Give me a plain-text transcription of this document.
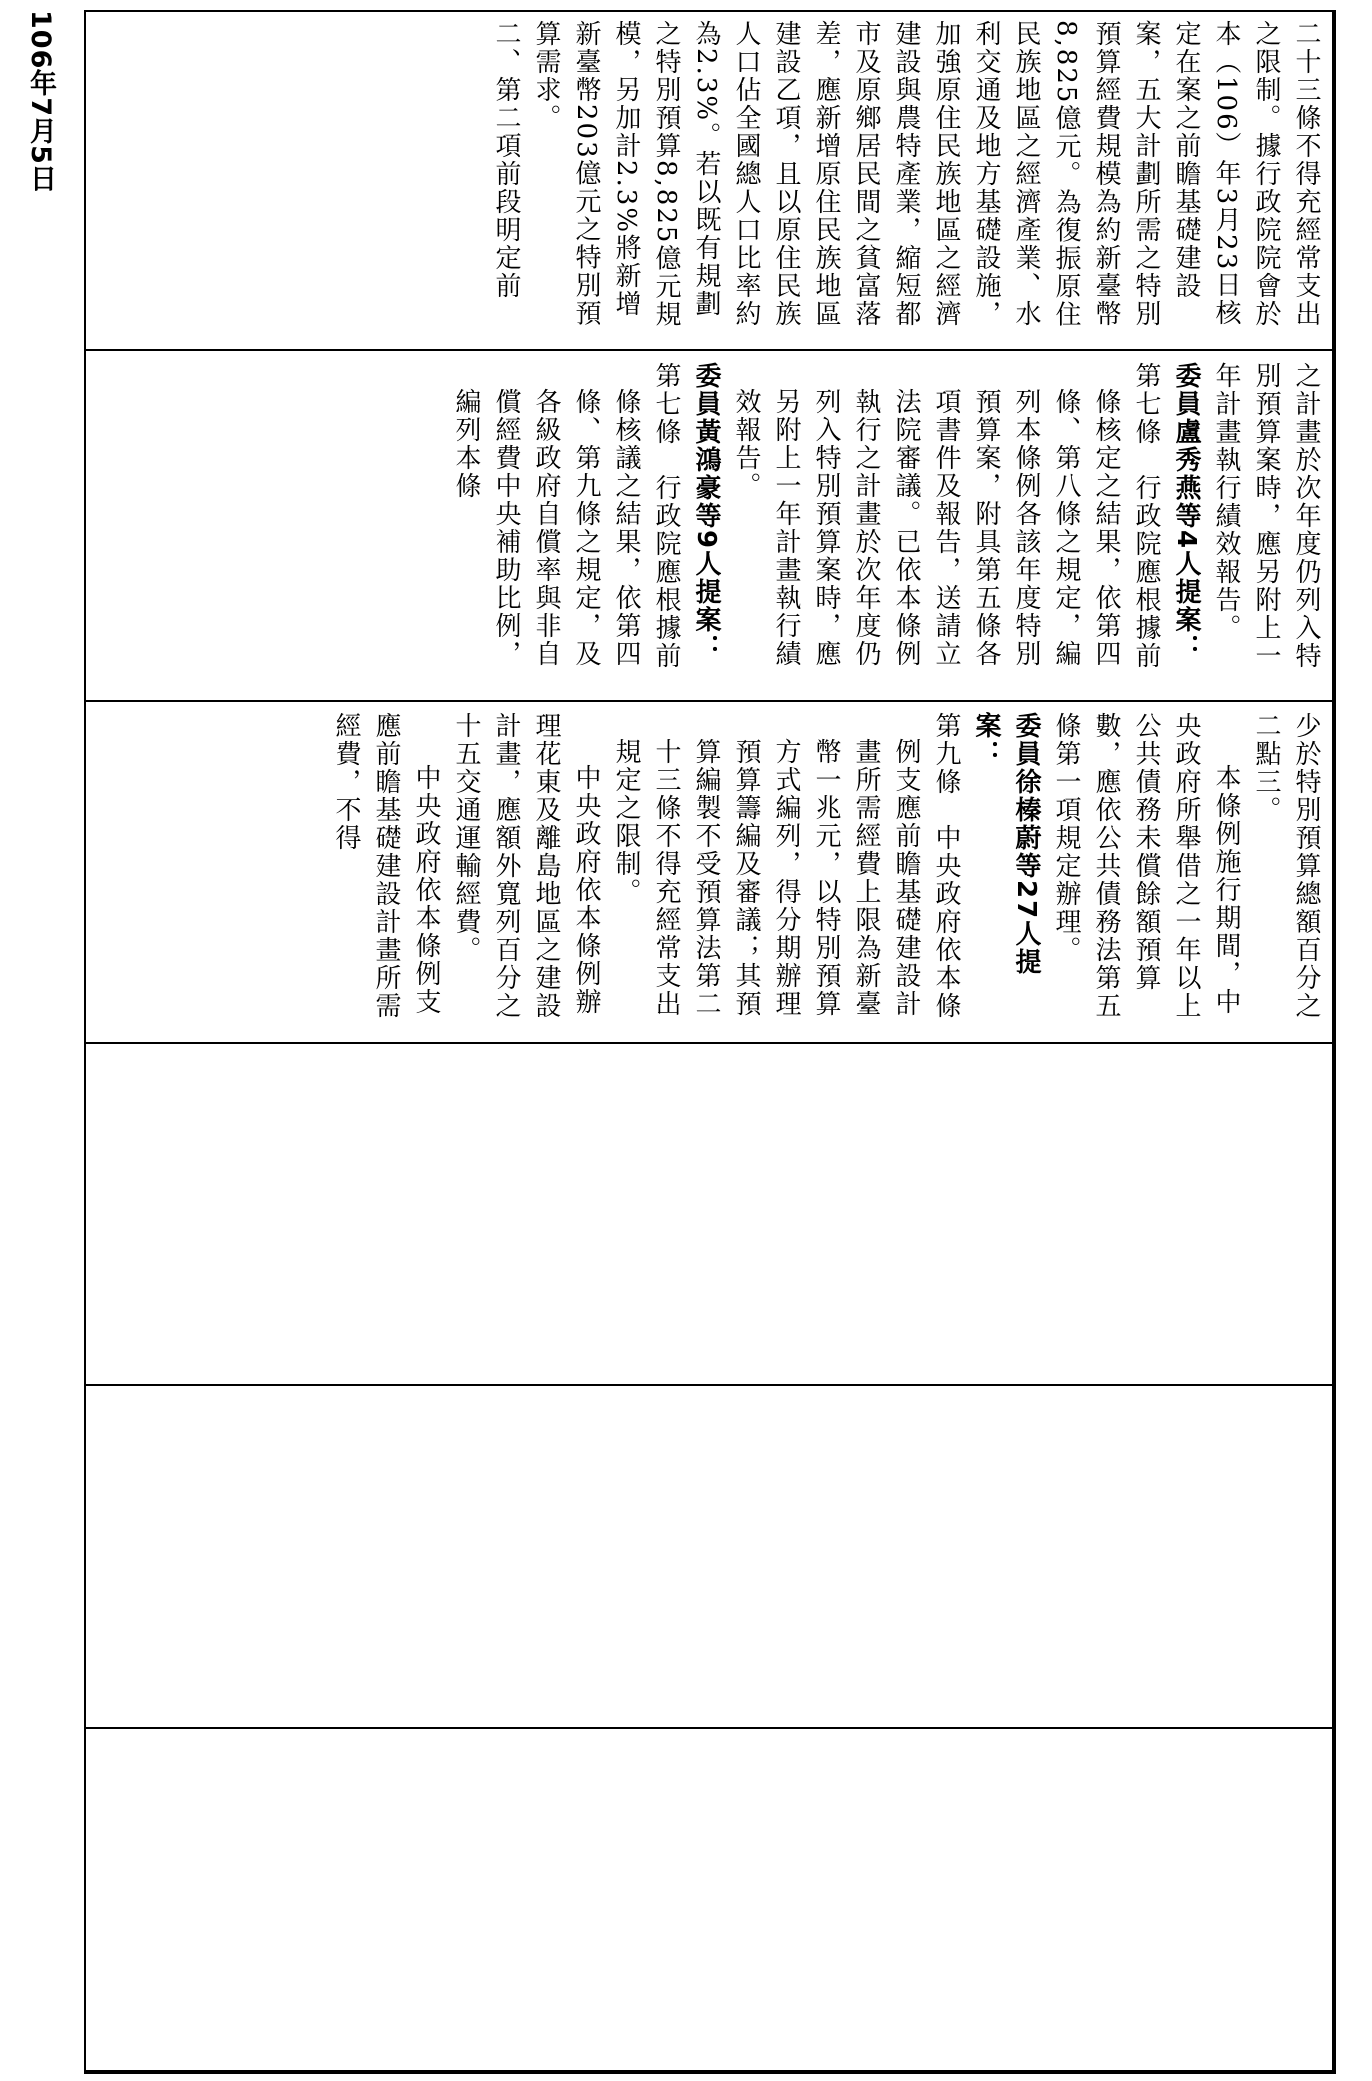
106年7月5日	二十三條不得充經常支出之限制。據行政院院會於本（106）年3月23日核定在案之前瞻基礎建設案，五大計劃所需之特別預算經費規模為約新臺幣8,825億元。為復振原住民族地區之經濟產業、水利交通及地方基礎設施，加強原住民族地區之經濟建設與農特產業，縮短都市及原鄉居民間之貧富落差，應新增原住民族地區建設乙項，且以原住民族人口佔全國總人口比率約為2.3%。若以既有規劃之特別預算8,825億元規模，另加計2.3%將新增新臺幣203億元之特別預算需求。

二、第二項前段明定前

之計畫於次年度仍列入特別預算案時，應另附上一年計畫執行績效報告。

委員盧秀燕等4人提案：

第七條　行政院應根據前條核定之結果，依第四條、第八條之規定，編列本條例各該年度特別預算案，附具第五條各項書件及報告，送請立法院審議。已依本條例執行之計畫於次年度仍列入特別預算案時，應另附上一年計畫執行績效報告。

委員黃鴻豪等9人提案：

第七條　行政院應根據前條核議之結果，依第四條、第九條之規定，及各級政府自償率與非自償經費中央補助比例，編列本條

少於特別預算總額百分之二點三。

本條例施行期間，中央政府所舉借之一年以上公共債務未償餘額預算數，應依公共債務法第五條第一項規定辦理。

委員徐榛蔚等27人提案：

第九條　中央政府依本條例支應前瞻基礎建設計畫所需經費上限為新臺幣一兆元，以特別預算方式編列，得分期辦理預算籌編及審議；其預算編製不受預算法第二十三條不得充經常支出規定之限制。

中央政府依本條例辦理花東及離島地區之建設計畫，應額外寬列百分之十五交通運輸經費。

中央政府依本條例支應前瞻基礎建設計畫所需經費，不得
